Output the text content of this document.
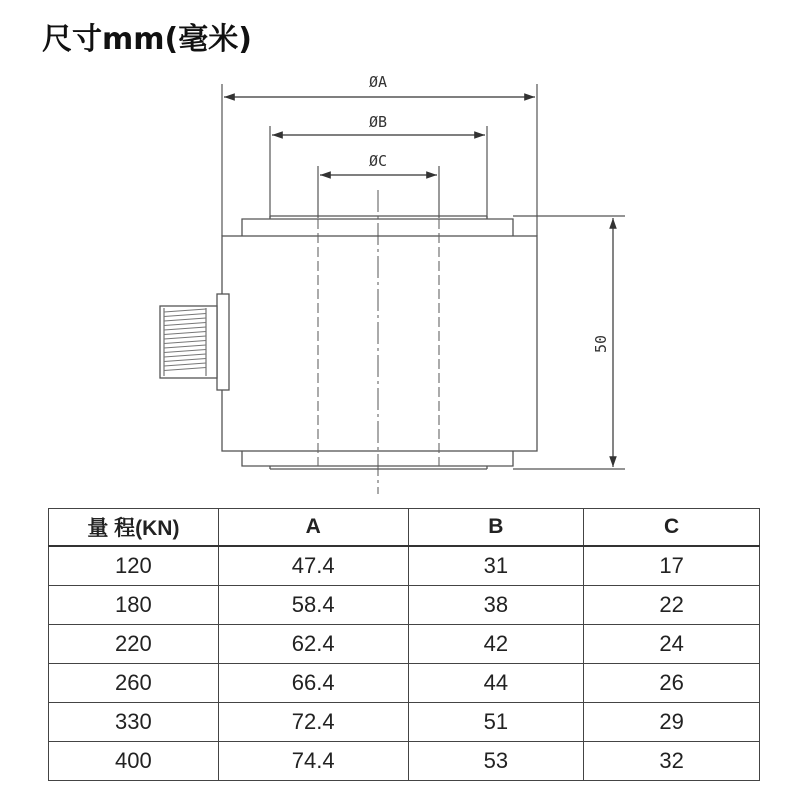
尺寸mm(毫米)
ØA
ØB
ØC
50
量 程(KN)	A	B	C
120	47.4	31	17
180	58.4	38	22
220	62.4	42	24
260	66.4	44	26
330	72.4	51	29
400	74.4	53	32
